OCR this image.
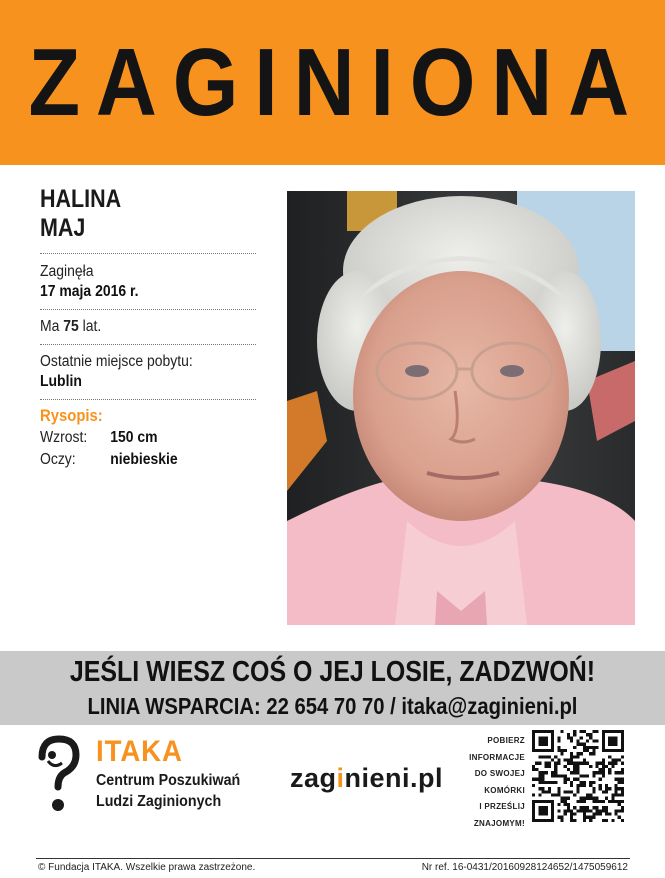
ZAGINIONA
HALINA
MAJ
Zaginęła
17 maja 2016 r.
Ma 75 lat.
Ostatnie miejsce pobytu:
Lublin
Rysopis:
Wzrost:	150 cm
Oczy:	niebieskie
JEŚLI WIESZ COŚ O JEJ LOSIE, ZADZWOŃ!
LINIA WSPARCIA: 22 654 70 70 / itaka@zaginieni.pl
ITAKA
Centrum Poszukiwań
Ludzi Zaginionych
zaginieni.pl
POBIERZ
INFORMACJE
DO SWOJEJ
KOMÓRKI
I PRZEŚLIJ
ZNAJOMYM!
© Fundacja ITAKA. Wszelkie prawa zastrzeżone.	Nr ref. 16-0431/20160928124652/1475059612
